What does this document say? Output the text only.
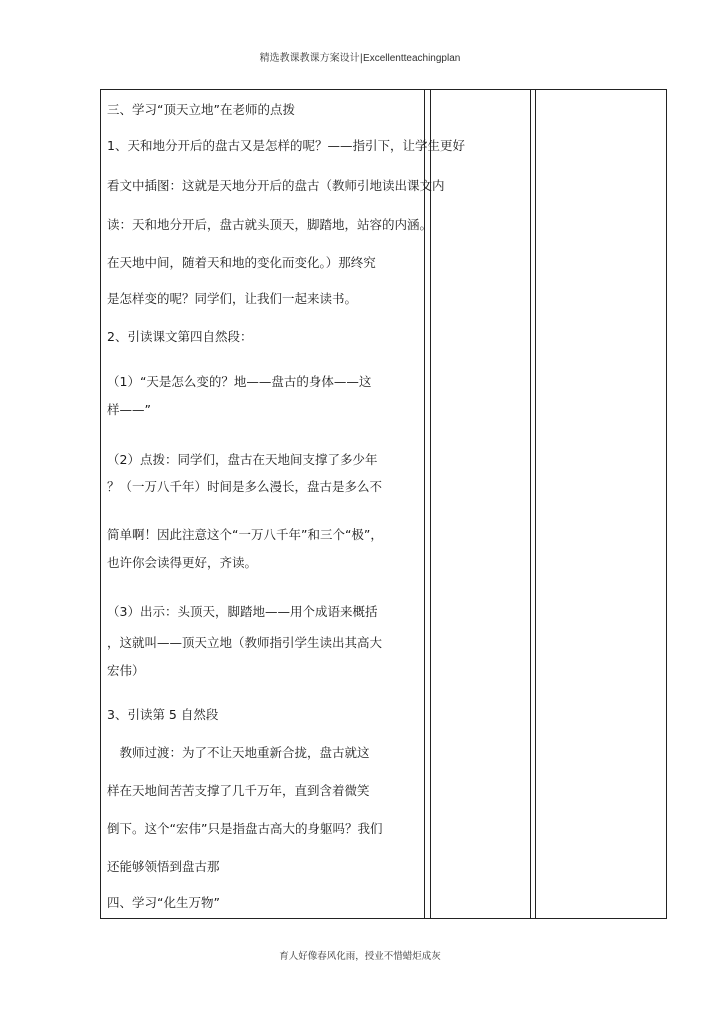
精选教课教课方案设计|Excellentteachingplan
三、学习“顶天立地”在老师的点拨
1、天和地分开后的盘古又是怎样的呢？——指引下，让学生更好
看文中插图：这就是天地分开后的盘古（教师引地读出课文内
读：天和地分开后，盘古就头顶天，脚踏地，站容的内涵。
在天地中间，随着天和地的变化而变化。）那终究
是怎样变的呢？同学们，让我们一起来读书。
2、引读课文第四自然段：
（1）“天是怎么变的？地——盘古的身体——这
样——”
（2）点拨：同学们，盘古在天地间支撑了多少年
？（一万八千年）时间是多么漫长，盘古是多么不
简单啊！因此注意这个“一万八千年”和三个“极”，
也许你会读得更好，齐读。
（3）出示：头顶天，脚踏地——用个成语来概括
，这就叫——顶天立地（教师指引学生读出其高大
宏伟）
3、引读第 5 自然段
　教师过渡：为了不让天地重新合拢，盘古就这
样在天地间苦苦支撑了几千万年，直到含着微笑
倒下。这个“宏伟”只是指盘古高大的身躯吗？我们
还能够领悟到盘古那
四、学习“化生万物”
育人好像春风化雨，授业不惜蜡炬成灰
